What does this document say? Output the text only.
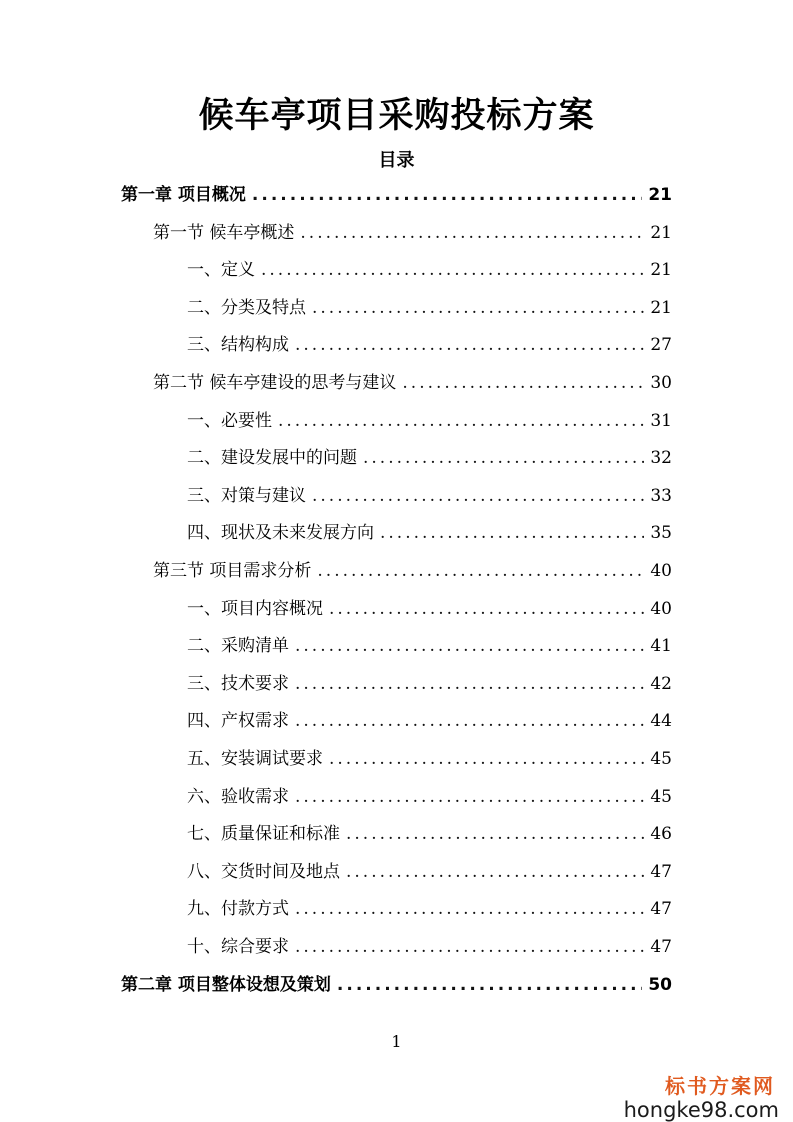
候车亭项目采购投标方案
目录
第一章 项目概况 .....	21
第一节 候车亭概述 .....	21
一、定义 .....	21
二、分类及特点 .....	21
三、结构构成 .....	27
第二节 候车亭建设的思考与建议 .....	30
一、必要性 .....	31
二、建设发展中的问题 .....	32
三、对策与建议 .....	33
四、现状及未来发展方向 .....	35
第三节 项目需求分析 .....	40
一、项目内容概况 .....	40
二、采购清单 .....	41
三、技术要求 .....	42
四、产权需求 .....	44
五、安装调试要求 .....	45
六、验收需求 .....	45
七、质量保证和标准 .....	46
八、交货时间及地点 .....	47
九、付款方式 .....	47
十、综合要求 .....	47
第二章 项目整体设想及策划 .....	50
1
标书方案网
hongke98.com
